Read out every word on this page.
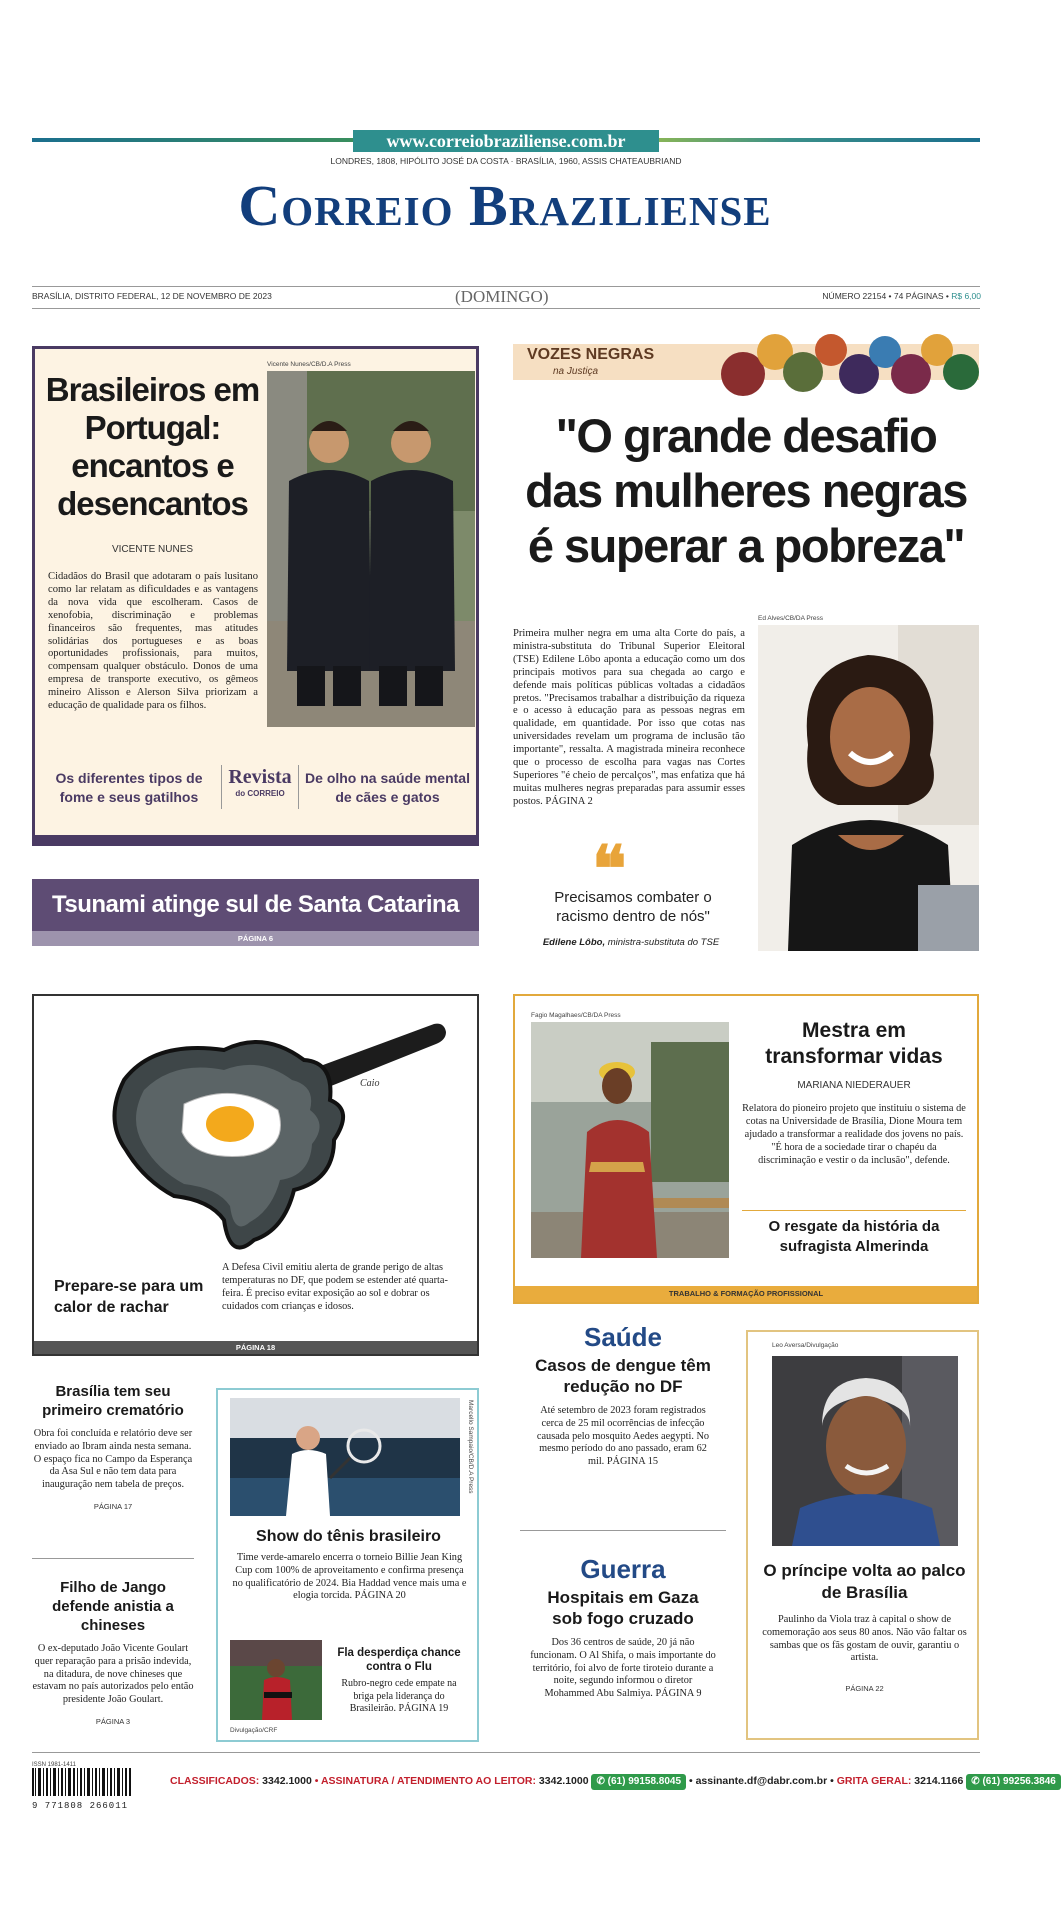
www.correiobraziliense.com.br
LONDRES, 1808, HIPÓLITO JOSÉ DA COSTA · BRASÍLIA, 1960, ASSIS CHATEAUBRIAND
Correio Braziliense
BRASÍLIA, DISTRITO FEDERAL, 12 DE NOVEMBRO DE 2023	(DOMINGO)	NÚMERO 22154 • 74 PÁGINAS • R$ 6,00
Brasileiros em Portugal: encantos e desencantos
VICENTE NUNES
Cidadãos do Brasil que adotaram o país lusitano como lar relatam as dificuldades e as vantagens da nova vida que escolheram. Casos de xenofobia, discriminação e problemas financeiros são frequentes, mas atitudes solidárias dos portugueses e as boas oportunidades profissionais, para muitos, compensam qualquer obstáculo. Donos de uma empresa de transporte executivo, os gêmeos mineiro Alisson e Alerson Silva priorizam a educação de qualidade para os filhos.
Vicente Nunes/CB/D.A Press
Os diferentes tipos de fome e seus gatilhos
Revista
do CORREIO
De olho na saúde mental de cães e gatos
Tsunami atinge sul de Santa Catarina
PÁGINA 6
VOZES NEGRAS
na Justiça
"O grande desafio das mulheres negras é superar a pobreza"
Primeira mulher negra em uma alta Corte do país, a ministra-substituta do Tribunal Superior Eleitoral (TSE) Edilene Lôbo aponta a educação como um dos principais motivos para sua chegada ao cargo e defende mais políticas públicas voltadas a cidadãos pretos. "Precisamos trabalhar a distribuição da riqueza e o acesso à educação para as pessoas negras em qualidade, em quantidade. Por isso que cotas nas universidades revelam um programa de inclusão tão importante", ressalta. A magistrada mineira reconhece que o processo de escolha para vagas nas Cortes Superiores "é cheio de percalços", mas enfatiza que há muitas mulheres negras preparadas para assumir esses postos. PÁGINA 2
Ed Alves/CB/DA Press
❝
Precisamos combater o racismo dentro de nós"
Edilene Lôbo, ministra-substituta do TSE
Caio
Prepare-se para um calor de rachar
A Defesa Civil emitiu alerta de grande perigo de altas temperaturas no DF, que podem se estender até quarta-feira. É preciso evitar exposição ao sol e dobrar os cuidados com crianças e idosos.
PÁGINA 18
Fagio Magalhaes/CB/DA Press
Mestra em transformar vidas
MARIANA NIEDERAUER
Relatora do pioneiro projeto que instituiu o sistema de cotas na Universidade de Brasília, Dione Moura tem ajudado a transformar a realidade dos jovens no país. "É hora de a sociedade tirar o chapéu da discriminação e vestir o da inclusão", defende.
O resgate da história da sufragista Almerinda
TRABALHO & FORMAÇÃO PROFISSIONAL
Brasília tem seu primeiro crematório
Obra foi concluída e relatório deve ser enviado ao Ibram ainda nesta semana. O espaço fica no Campo da Esperança da Asa Sul e não tem data para inauguração nem tabela de preços.
PÁGINA 17
Filho de Jango defende anistia a chineses
O ex-deputado João Vicente Goulart quer reparação para a prisão indevida, na ditadura, de nove chineses que estavam no país autorizados pelo então presidente João Goulart.
PÁGINA 3
Marcello Sampaio/CB/D.A Press
Show do tênis brasileiro
Time verde-amarelo encerra o torneio Billie Jean King Cup com 100% de aproveitamento e confirma presença no qualificatório de 2024. Bia Haddad vence mais uma e elogia torcida. PÁGINA 20
Divulgação/CRF
Fla desperdiça chance contra o Flu
Rubro-negro cede empate na briga pela liderança do Brasileirão. PÁGINA 19
Saúde
Casos de dengue têm redução no DF
Até setembro de 2023 foram registrados cerca de 25 mil ocorrências de infecção causada pelo mosquito Aedes aegypti. No mesmo período do ano passado, eram 62 mil. PÁGINA 15
Guerra
Hospitais em Gaza sob fogo cruzado
Dos 36 centros de saúde, 20 já não funcionam. O Al Shifa, o mais importante do território, foi alvo de forte tiroteio durante a noite, segundo informou o diretor Mohammed Abu Salmiya. PÁGINA 9
Leo Aversa/Divulgação
O príncipe volta ao palco de Brasília
Paulinho da Viola traz à capital o show de comemoração aos seus 80 anos. Não vão faltar os sambas que os fãs gostam de ouvir, garantiu o artista.
PÁGINA 22
ISSN 1981-1411
9 771808 266011
CLASSIFICADOS: 3342.1000 • ASSINATURA / ATENDIMENTO AO LEITOR: 3342.1000 ✆ (61) 99158.8045 • assinante.df@dabr.com.br • GRITA GERAL: 3214.1166 ✆ (61) 99256.3846
